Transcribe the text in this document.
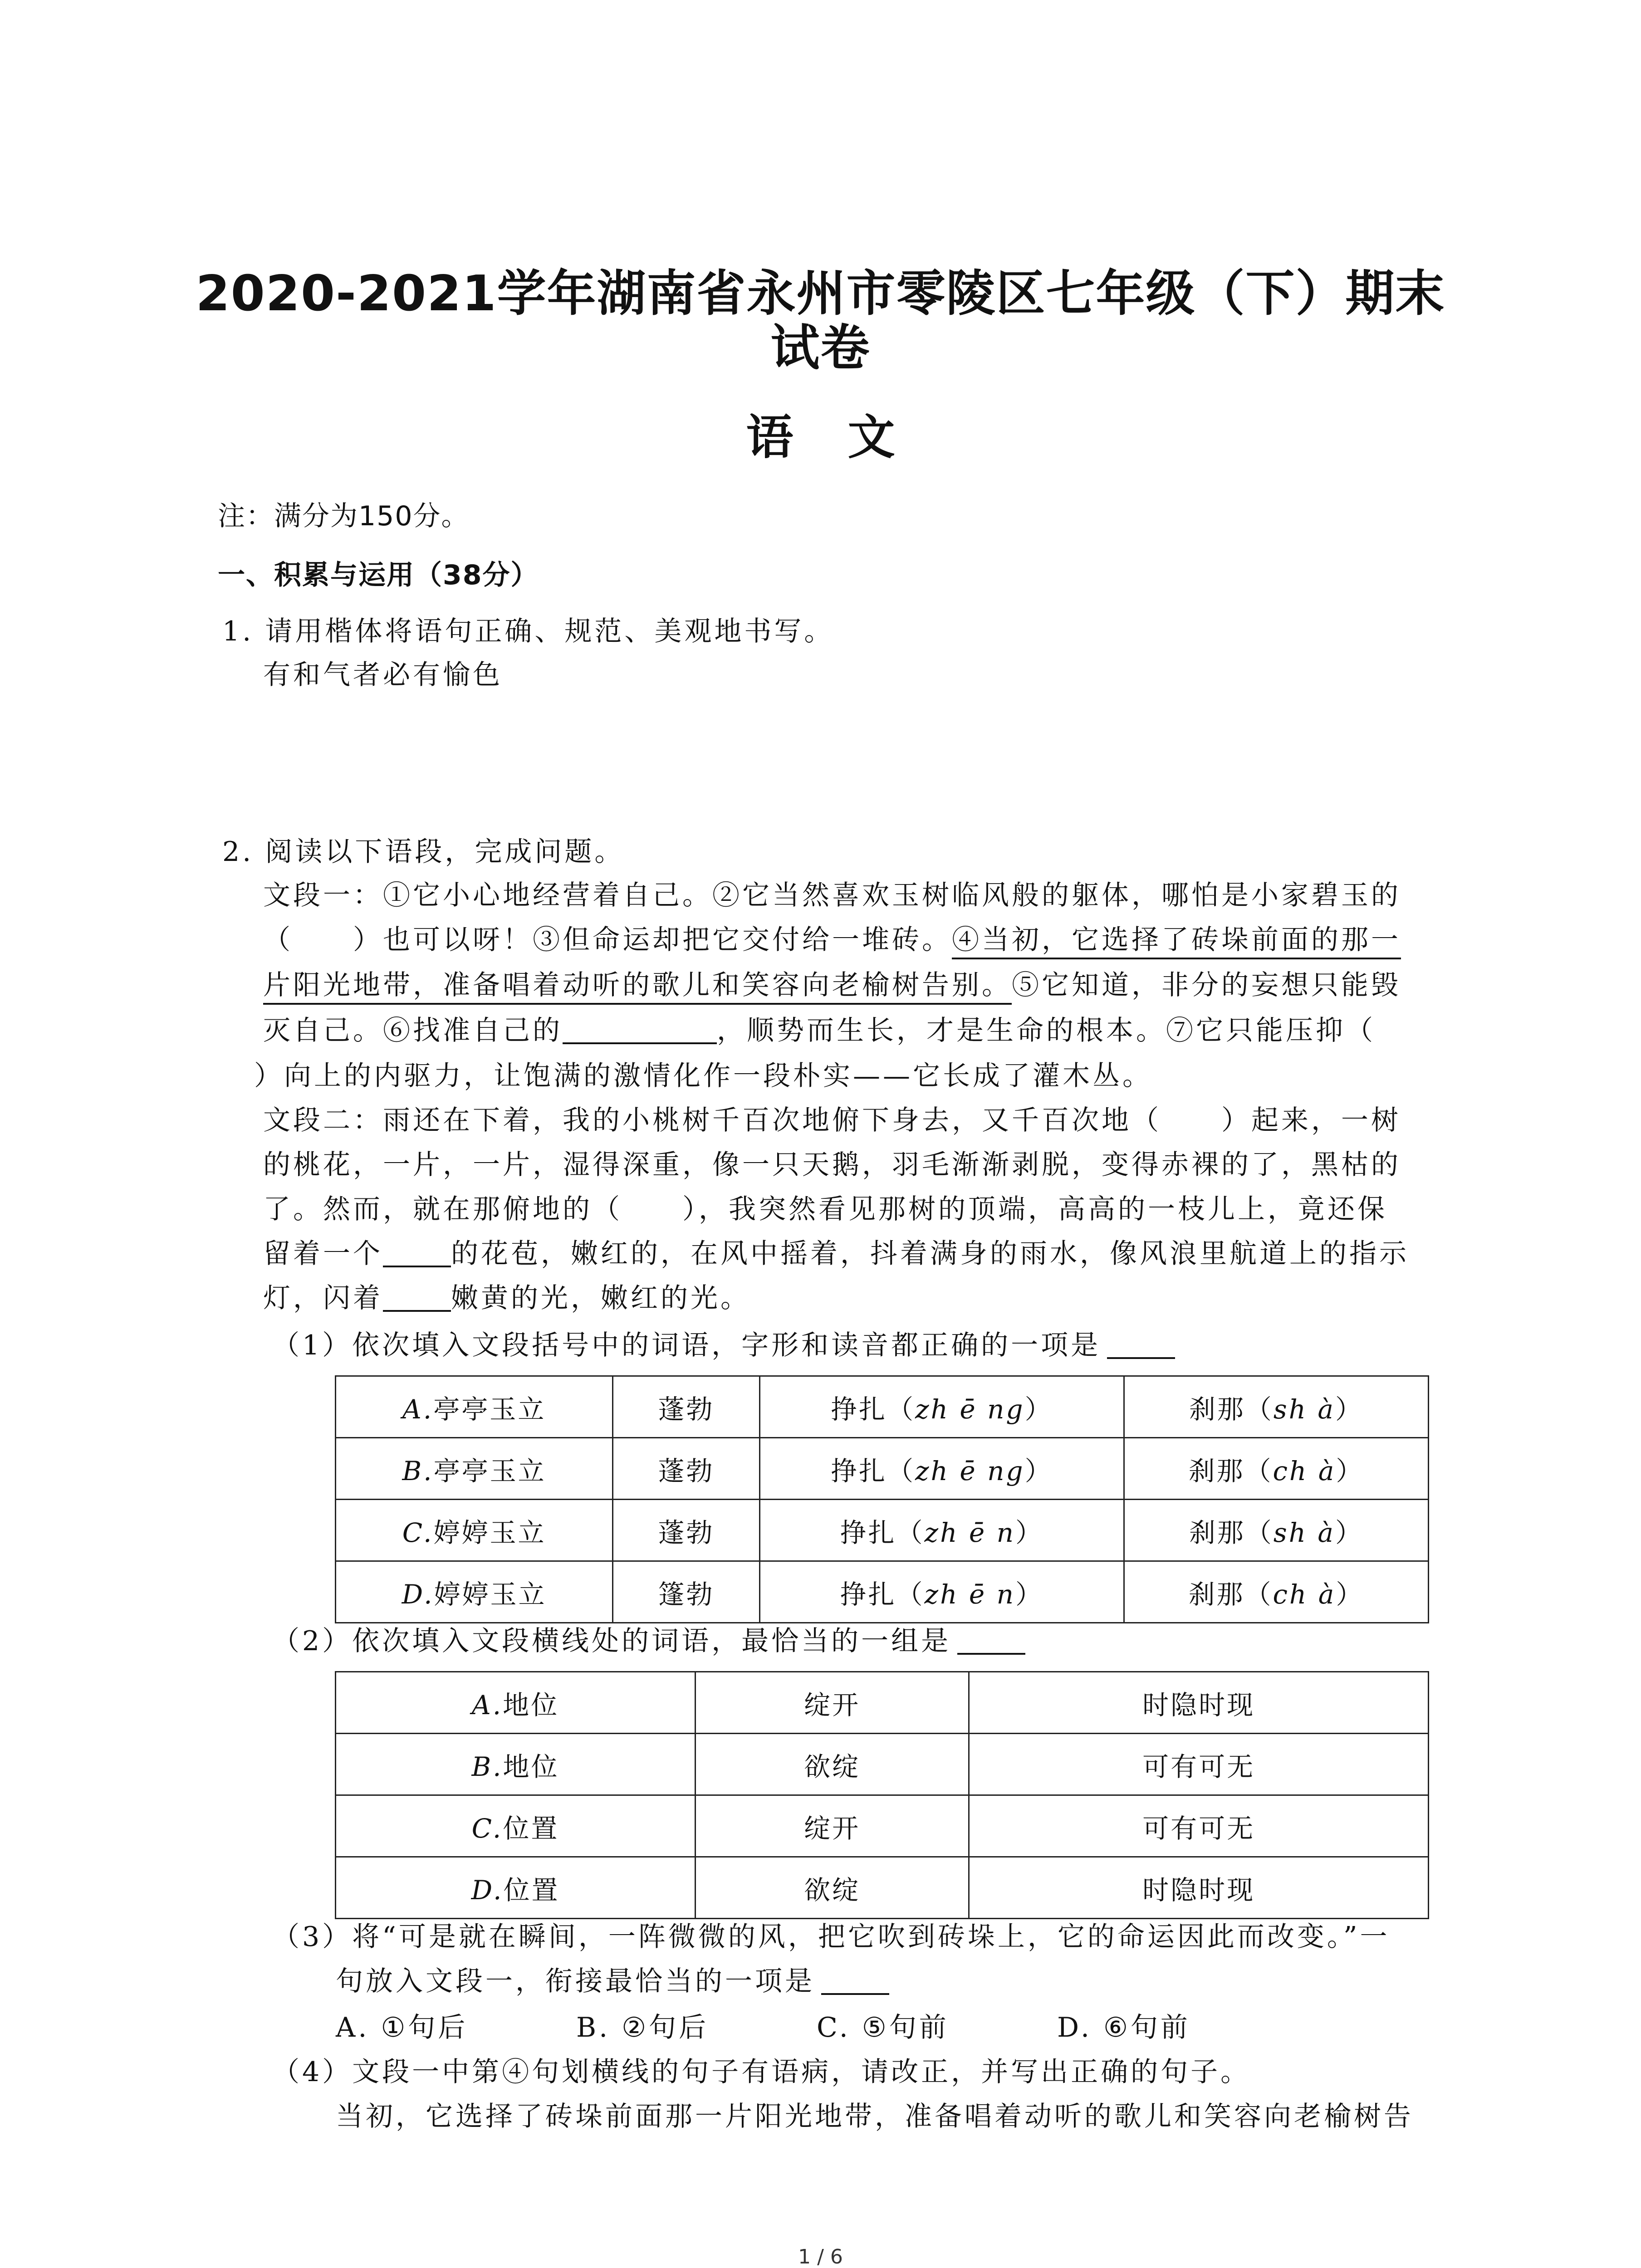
2020-2021学年湖南省永州市零陵区七年级（下）期末
试卷
语 文
注：满分为150分。
一、积累与运用（38分）
1. 请用楷体将语句正确、规范、美观地书写。
有和气者必有愉色
2. 阅读以下语段，完成问题。
文段一：①它小心地经营着自己。②它当然喜欢玉树临风般的躯体，哪怕是小家碧玉的
（　　）也可以呀！③但命运却把它交付给一堆砖。④当初，它选择了砖垛前面的那一
片阳光地带，准备唱着动听的歌儿和笑容向老榆树告别。⑤它知道，非分的妄想只能毁
灭自己。⑥找准自己的	，顺势而生长，才是生命的根本。⑦它只能压抑（
）向上的内驱力，让饱满的激情化作一段朴实——它长成了灌木丛。
文段二：雨还在下着，我的小桃树千百次地俯下身去，又千百次地（　　）起来，一树
的桃花，一片，一片，湿得深重，像一只天鹅，羽毛渐渐剥脱，变得赤裸的了，黑枯的
了。然而，就在那俯地的（　　），我突然看见那树的顶端，高高的一枝儿上，竟还保
留着一个	的花苞，嫩红的，在风中摇着，抖着满身的雨水，像风浪里航道上的指示
灯，闪着	嫩黄的光，嫩红的光。
（1）依次填入文段括号中的词语，字形和读音都正确的一项是
A.亭亭玉立	蓬勃	挣扎（zh ē ng）	刹那（sh à）
B.亭亭玉立	蓬勃	挣扎（zh ē ng）	刹那（ch à）
C.婷婷玉立	蓬勃	挣扎（zh ē n）	刹那（sh à）
D.婷婷玉立	篷勃	挣扎（zh ē n）	刹那（ch à）
（2）依次填入文段横线处的词语，最恰当的一组是
A.地位	绽开	时隐时现
B.地位	欲绽	可有可无
C.位置	绽开	可有可无
D.位置	欲绽	时隐时现
（3）将“可是就在瞬间，一阵微微的风，把它吹到砖垛上，它的命运因此而改变。”一
句放入文段一，衔接最恰当的一项是
A. ①句后	B. ②句后	C. ⑤句前	D. ⑥句前
（4）文段一中第④句划横线的句子有语病，请改正，并写出正确的句子。
当初，它选择了砖垛前面那一片阳光地带，准备唱着动听的歌儿和笑容向老榆树告
1 / 6
